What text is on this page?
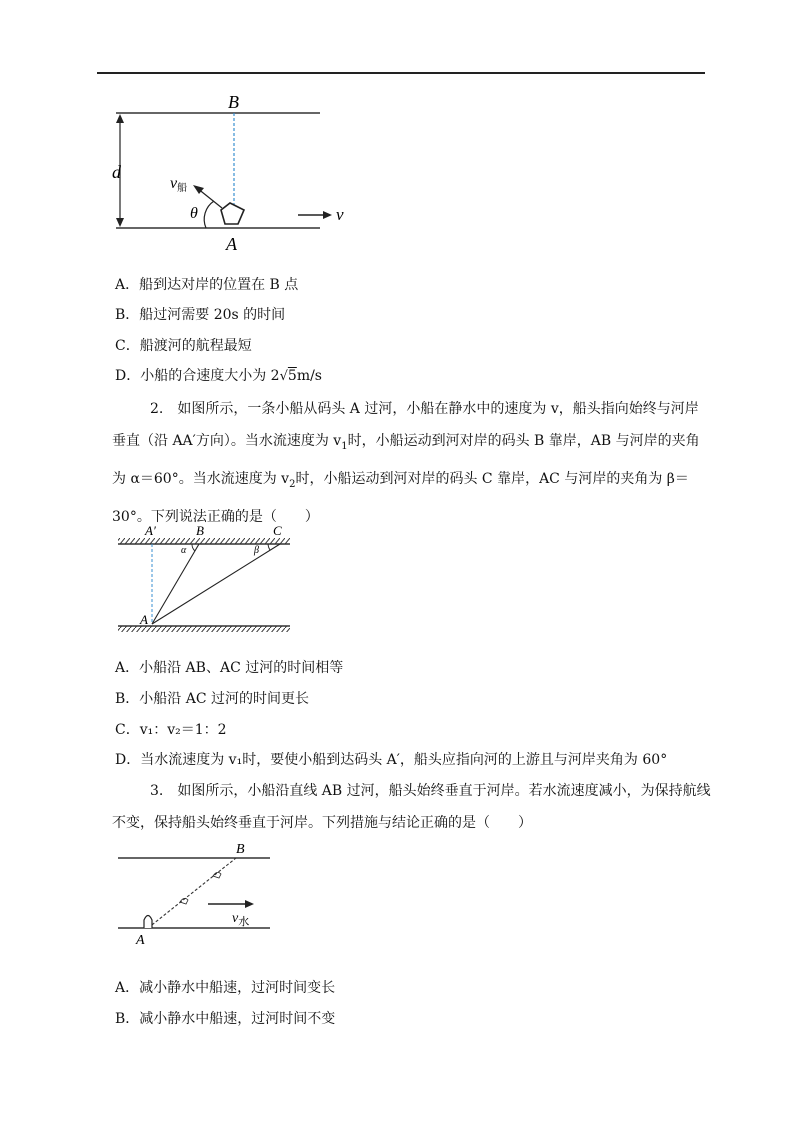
d
B
A
θ
v船
v
A．船到达对岸的位置在 B 点
B．船过河需要 20s 的时间
C．船渡河的航程最短
D．小船的合速度大小为 2√5m/s
2.　如图所示，一条小船从码头 A 过河，小船在静水中的速度为 v，船头指向始终与河岸垂直（沿 AA′方向）。当水流速度为 $v_1$时，小船运动到河对岸的码头 B 靠岸，AB 与河岸的夹角为 α＝60°。当水流速度为 $v_2$时，小船运动到河对岸的码头 C 靠岸，AC 与河岸的夹角为 β＝30°。下列说法正确的是（　　）
A′	B	C
A
α	β
A．小船沿 AB、AC 过河的时间相等
B．小船沿 AC 过河的时间更长
C．v₁：v₂＝1：2
D．当水流速度为 v₁时，要使小船到达码头 A′，船头应指向河的上游且与河岸夹角为 60°
3.　如图所示，小船沿直线 AB 过河，船头始终垂直于河岸。若水流速度减小，为保持航线不变，保持船头始终垂直于河岸。下列措施与结论正确的是（　　）
$v_水$
A
B
A．减小静水中船速，过河时间变长
B．减小静水中船速，过河时间不变
